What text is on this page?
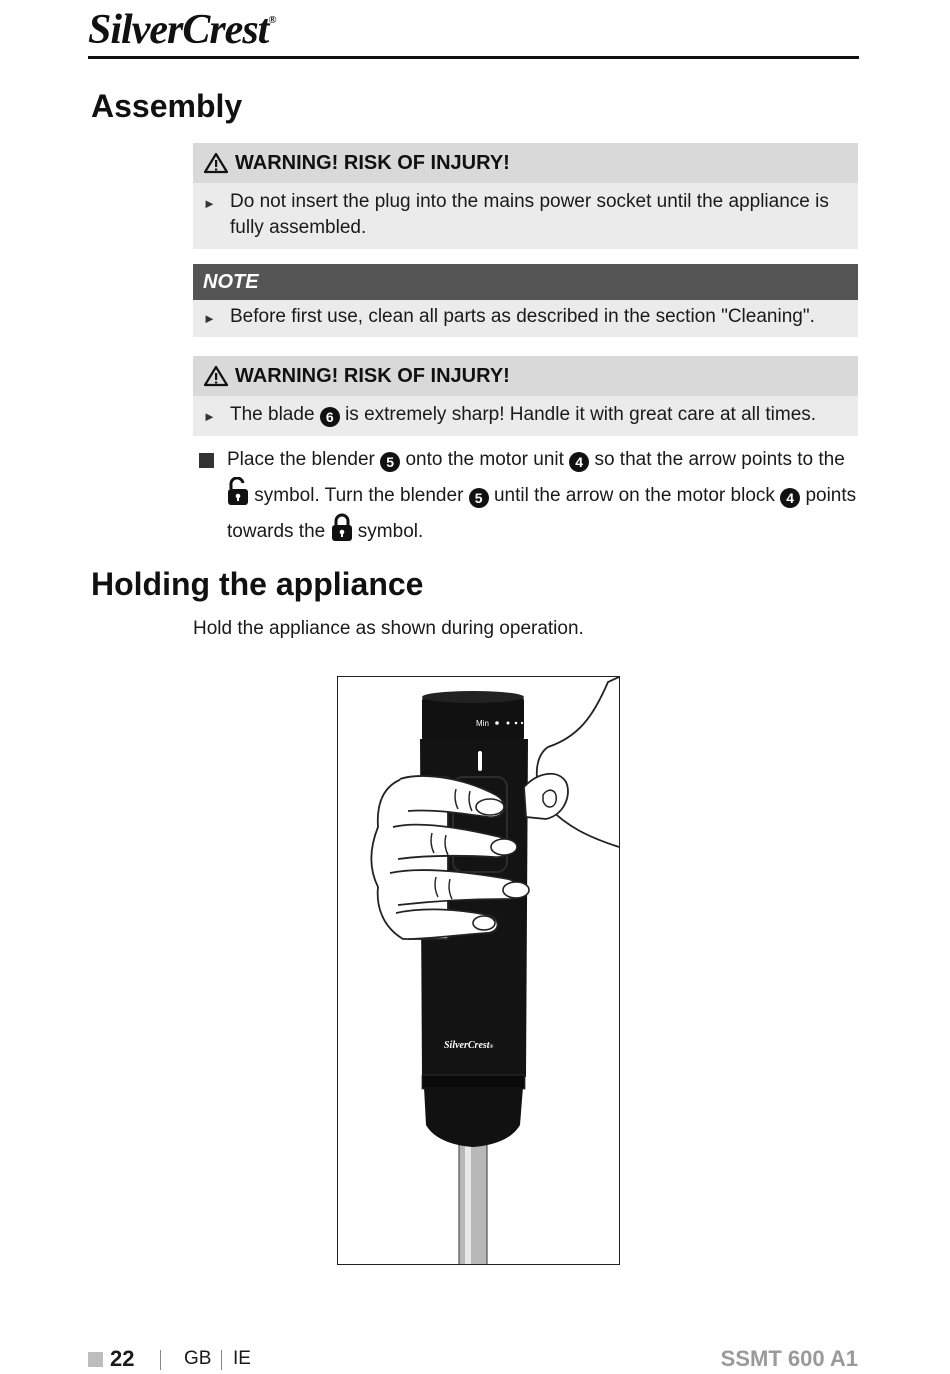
SilverCrest®
Assembly
WARNING! RISK OF INJURY!
► Do not insert the plug into the mains power socket until the appliance is fully assembled.
NOTE
► Before first use, clean all parts as described in the section "Cleaning".
WARNING! RISK OF INJURY!
► The blade 6 is extremely sharp! Handle it with great care at all times.
Place the blender 5 onto the motor unit 4 so that the arrow points to the
symbol. Turn the blender 5 until the arrow on the motor block 4 points towards the symbol.
Holding the appliance
Hold the appliance as shown during operation.
Min
SilverCrest®
22	GB IE	SSMT 600 A1
